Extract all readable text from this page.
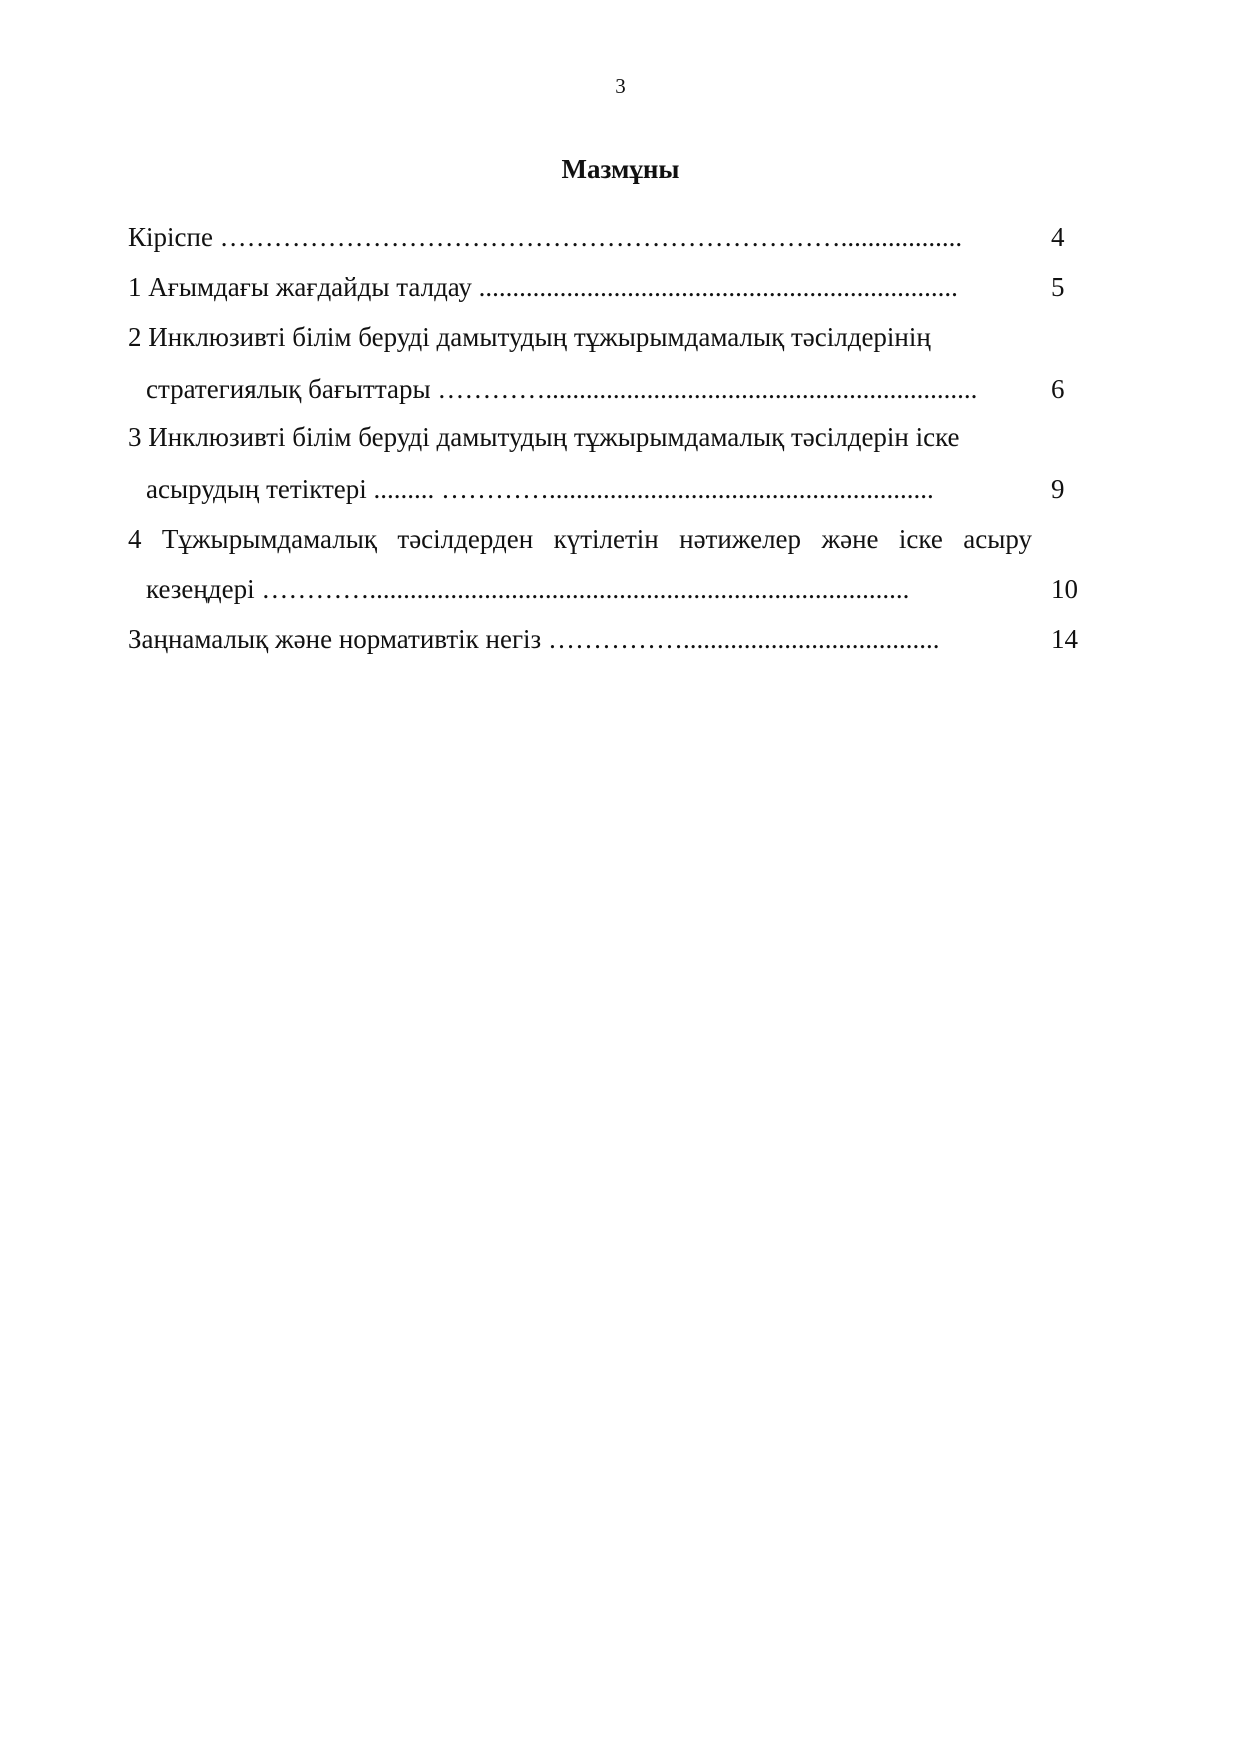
3
Мазмұны
Кіріспе ……………………………………………………………..................	4
1 Ағымдағы жағдайды талдау .......................................................................	5
2 Инклюзивті білім беруді дамытудың тұжырымдамалық тәсілдерінің
стратегиялық бағыттары …………................................................................	6
3 Инклюзивті білім беруді дамытудың тұжырымдамалық тәсілдерін іске
асырудың тетіктері ......... ………….........................................................	9
4 Тұжырымдамалық тәсілдерден күтілетін нәтижелер және іске асыру
кезеңдері …………................................................................................	10
Заңнамалық және нормативтік негіз ……………......................................	14
